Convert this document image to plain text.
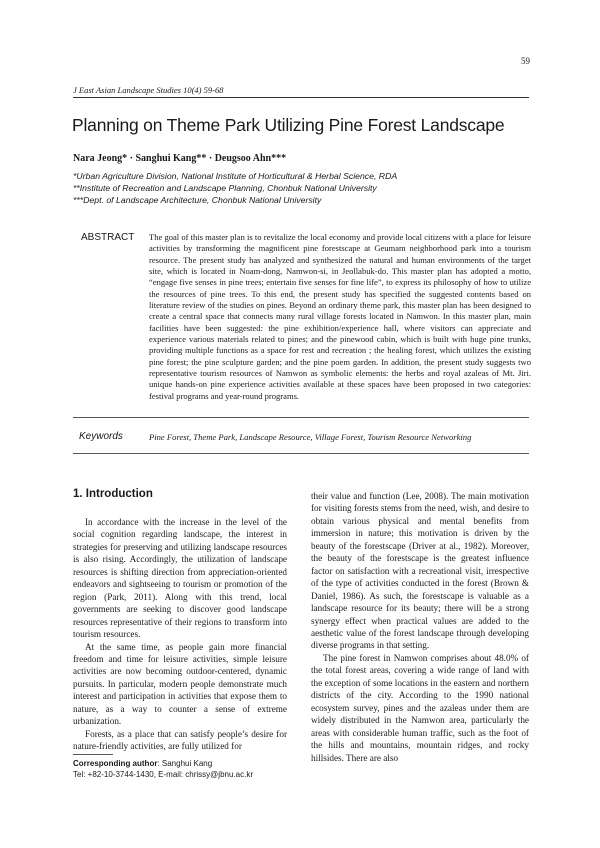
59
J East Asian Landscape Studies 10(4) 59-68
Planning on Theme Park Utilizing Pine Forest Landscape
Nara Jeong* · Sanghui Kang** · Deugsoo Ahn***
*Urban Agriculture Division, National Institute of Horticultural & Herbal Science, RDA
**Institute of Recreation and Landscape Planning, Chonbuk National University
***Dept. of Landscape Architecture, Chonbuk National University
ABSTRACT The goal of this master plan is to revitalize the local economy and provide local citizens with a place for leisure activities by transforming the magnificent pine forestscape at Geumam neighborhood park into a tourism resource. The present study has analyzed and synthesized the natural and human environments of the target site, which is located in Noam-dong, Namwon-si, in Jeollabuk-do. This master plan has adopted a motto, “engage five senses in pine trees; entertain five senses for fine life”, to express its philosophy of how to utilize the resources of pine trees. To this end, the present study has specified the suggested contents based on literature review of the studies on pines. Beyond an ordinary theme park, this master plan has been designed to create a central space that connects many rural village forests located in Namwon. In this master plan, main facilities have been suggested: the pine exhibition/experience hall, where visitors can appreciate and experience various materials related to pines; and the pinewood cabin, which is built with huge pine trunks, providing multiple functions as a space for rest and recreation ; the healing forest, which utilizes the existing pine forest; the pine sculpture garden; and the pine poem garden. In addition, the present study suggests two representative tourism resources of Namwon as symbolic elements: the herbs and royal azaleas of Mt. Jiri. unique hands-on pine experience activities available at these spaces have been proposed in two categories: festival programs and year-round programs.
Keywords	Pine Forest, Theme Park, Landscape Resource, Village Forest, Tourism Resource Networking
1. Introduction

In accordance with the increase in the level of the social cognition regarding landscape, the interest in strategies for preserving and utilizing landscape resources is also rising. Accordingly, the utilization of landscape resources is shifting direction from appreciation-oriented endeavors and sightseeing to tourism or promotion of the region (Park, 2011). Along with this trend, local governments are seeking to discover good landscape resources representative of their regions to transform into tourism resources.

At the same time, as people gain more financial freedom and time for leisure activities, simple leisure activities are now becoming outdoor-centered, dynamic pursuits. In particular, modern people demonstrate much interest and participation in activities that expose them to nature, as a way to counter a sense of extreme urbanization.

Forests, as a place that can satisfy people’s desire for nature-friendly activities, are fully utilized for

their value and function (Lee, 2008). The main motivation for visiting forests stems from the need, wish, and desire to obtain various physical and mental benefits from immersion in nature; this motivation is driven by the beauty of the forestscape (Driver at al., 1982). Moreover, the beauty of the forestscape is the greatest influence factor on satisfaction with a recreational visit, irrespective of the type of activities conducted in the forest (Brown & Daniel, 1986). As such, the forestscape is valuable as a landscape resource for its beauty; there will be a strong synergy effect when practical values are added to the aesthetic value of the forest landscape through developing diverse programs in that setting.

The pine forest in Namwon comprises about 48.0% of the total forest areas, covering a wide range of land with the exception of some locations in the eastern and northern districts of the city. According to the 1990 national ecosystem survey, pines and the azaleas under them are widely distributed in the Namwon area, particularly the areas with considerable human traffic, such as the foot of the hills and mountains, mountain ridges, and rocky hillsides. There are also

Corresponding author: Sanghui Kang
Tel: +82-10-3744-1430, E-mail: chrissy@jbnu.ac.kr
